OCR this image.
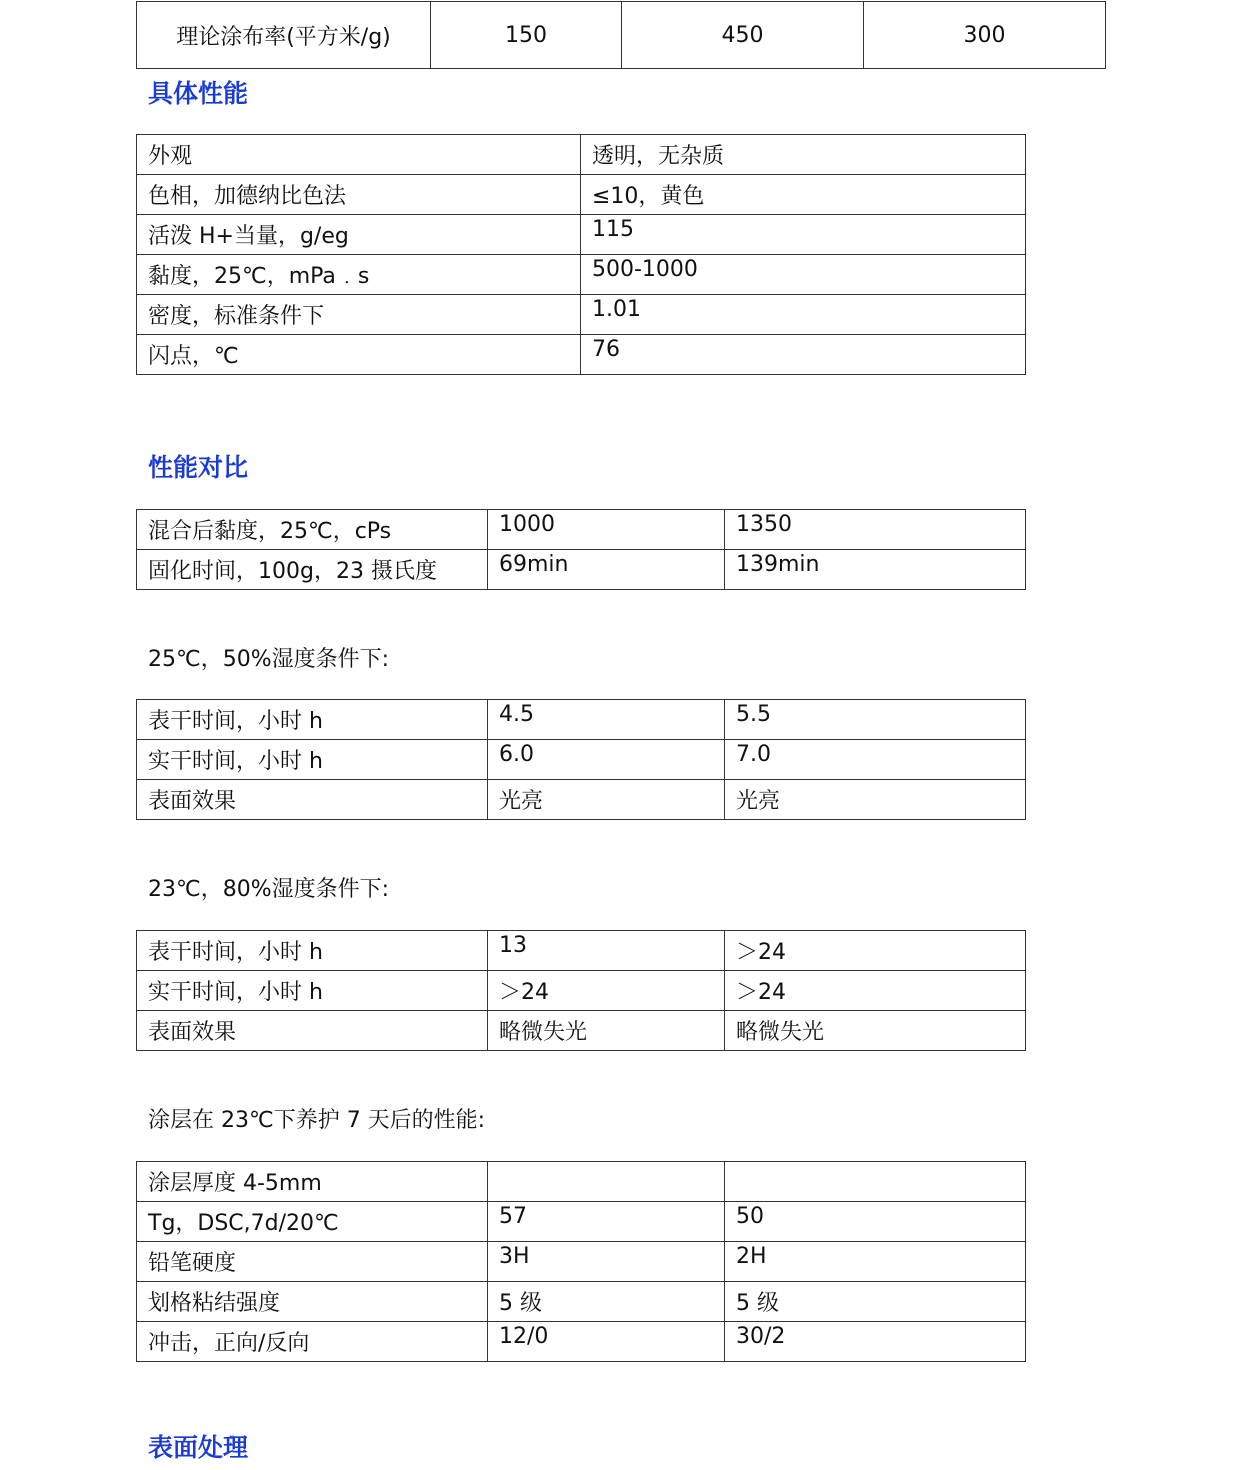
理论涂布率(平方米/g)	150	450	300
具体性能
外观	透明，无杂质
色相，加德纳比色法	≤10，黄色
活泼 H+当量，g/eg	115
黏度，25℃，mPa﹒s	500-1000
密度，标准条件下	1.01
闪点，℃	76
性能对比
混合后黏度，25℃，cPs	1000	1350
固化时间，100g，23 摄氏度	69min	139min

25℃，50%湿度条件下:

表干时间，小时 h	4.5	5.5
实干时间，小时 h	6.0	7.0
表面效果	光亮	光亮

23℃，80%湿度条件下:

表干时间，小时 h	13	＞24
实干时间，小时 h	＞24	＞24
表面效果	略微失光	略微失光

涂层在 23℃下养护 7 天后的性能:

涂层厚度 4-5mm		
Tg，DSC,7d/20℃	57	50
铅笔硬度	3H	2H
划格粘结强度	5 级	5 级
冲击，正向/反向	12/0	30/2
表面处理
